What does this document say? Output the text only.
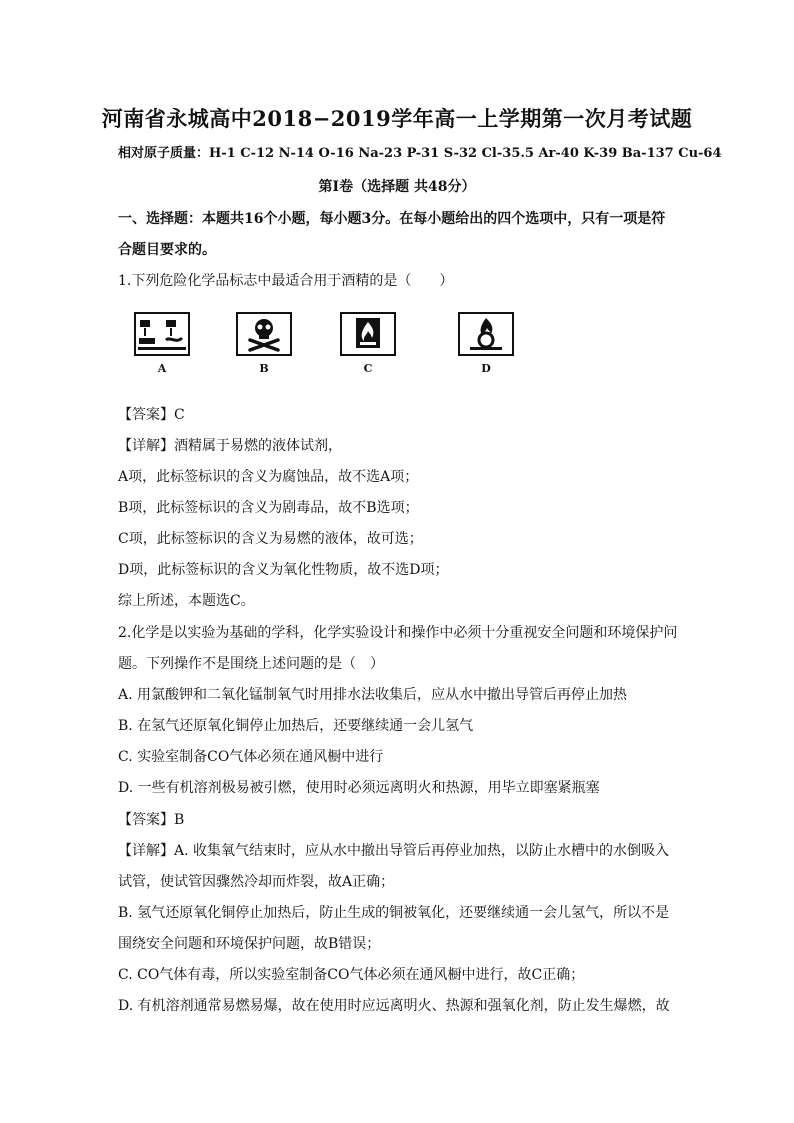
河南省永城高中2018−2019学年高一上学期第一次月考试题
相对原子质量：H-1 C-12 N-14 O-16 Na-23 P-31 S-32 Cl-35.5 Ar-40 K-39 Ba-137 Cu-64
第Ⅰ卷（选择题 共48分）
一、选择题：本题共16个小题，每小题3分。在每小题给出的四个选项中，只有一项是符
合题目要求的。
1.下列危险化学品标志中最适合用于酒精的是（　　）
A	B	C	D
【答案】C
【详解】酒精属于易燃的液体试剂，
A项，此标签标识的含义为腐蚀品，故不选A项；
B项，此标签标识的含义为剧毒品，故不B选项；
C项，此标签标识的含义为易燃的液体，故可选；
D项，此标签标识的含义为氧化性物质，故不选D项；
综上所述，本题选C。
2.化学是以实验为基础的学科，化学实验设计和操作中必须十分重视安全问题和环境保护问
题。下列操作不是围绕上述问题的是（　）
A. 用氯酸钾和二氧化锰制氧气时用排水法收集后，应从水中撤出导管后再停止加热
B. 在氢气还原氧化铜停止加热后，还要继续通一会儿氢气
C. 实验室制备CO气体必须在通风橱中进行
D. 一些有机溶剂极易被引燃，使用时必须远离明火和热源，用毕立即塞紧瓶塞
【答案】B
【详解】A. 收集氧气结束时，应从水中撤出导管后再停业加热，以防止水槽中的水倒吸入
试管，使试管因骤然冷却而炸裂，故A正确；
B. 氢气还原氧化铜停止加热后，防止生成的铜被氧化，还要继续通一会儿氢气，所以不是
围绕安全问题和环境保护问题，故B错误；
C. CO气体有毒，所以实验室制备CO气体必须在通风橱中进行，故C正确；
D. 有机溶剂通常易燃易爆，故在使用时应远离明火、热源和强氧化剂，防止发生爆燃，故
